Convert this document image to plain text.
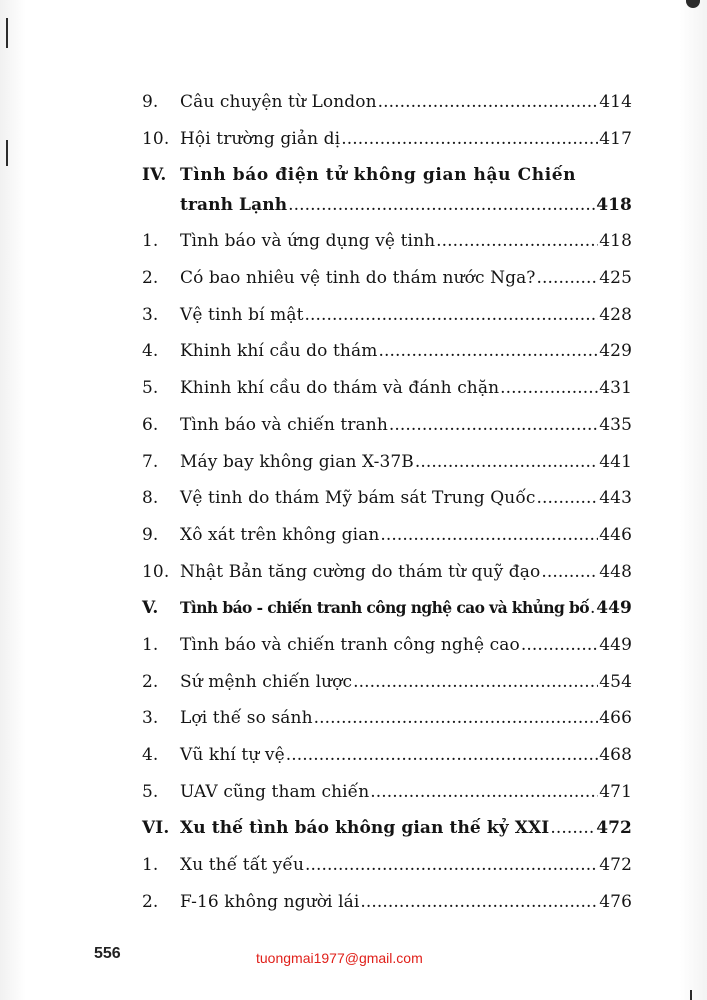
9.	Câu chuyện từ London .....	414
10. Hội trường giản dị .....	417
IV. Tình báo điện tử không gian hậu Chiến
tranh Lạnh .....	418
1.	Tình báo và ứng dụng vệ tinh .....	418
2.	Có bao nhiêu vệ tinh do thám nước Nga? .....	425
3.	Vệ tinh bí mật .....	428
4.	Khinh khí cầu do thám .....	429
5.	Khinh khí cầu do thám và đánh chặn .....	431
6.	Tình báo và chiến tranh .....	435
7.	Máy bay không gian X-37B .....	441
8.	Vệ tinh do thám Mỹ bám sát Trung Quốc .....	443
9.	Xô xát trên không gian .....	446
10. Nhật Bản tăng cường do thám từ quỹ đạo .....	448
V.	Tình báo - chiến tranh công nghệ cao và khủng bố ..... 449
1.	Tình báo và chiến tranh công nghệ cao .....	449
2.	Sứ mệnh chiến lược .....	454
3.	Lợi thế so sánh .....	466
4.	Vũ khí tự vệ .....	468
5.	UAV cũng tham chiến .....	471
VI. Xu thế tình báo không gian thế kỷ XXI .....	472
1.	Xu thế tất yếu .....	472
2.	F-16 không người lái .....	476
556	tuongmai1977@gmail.com
